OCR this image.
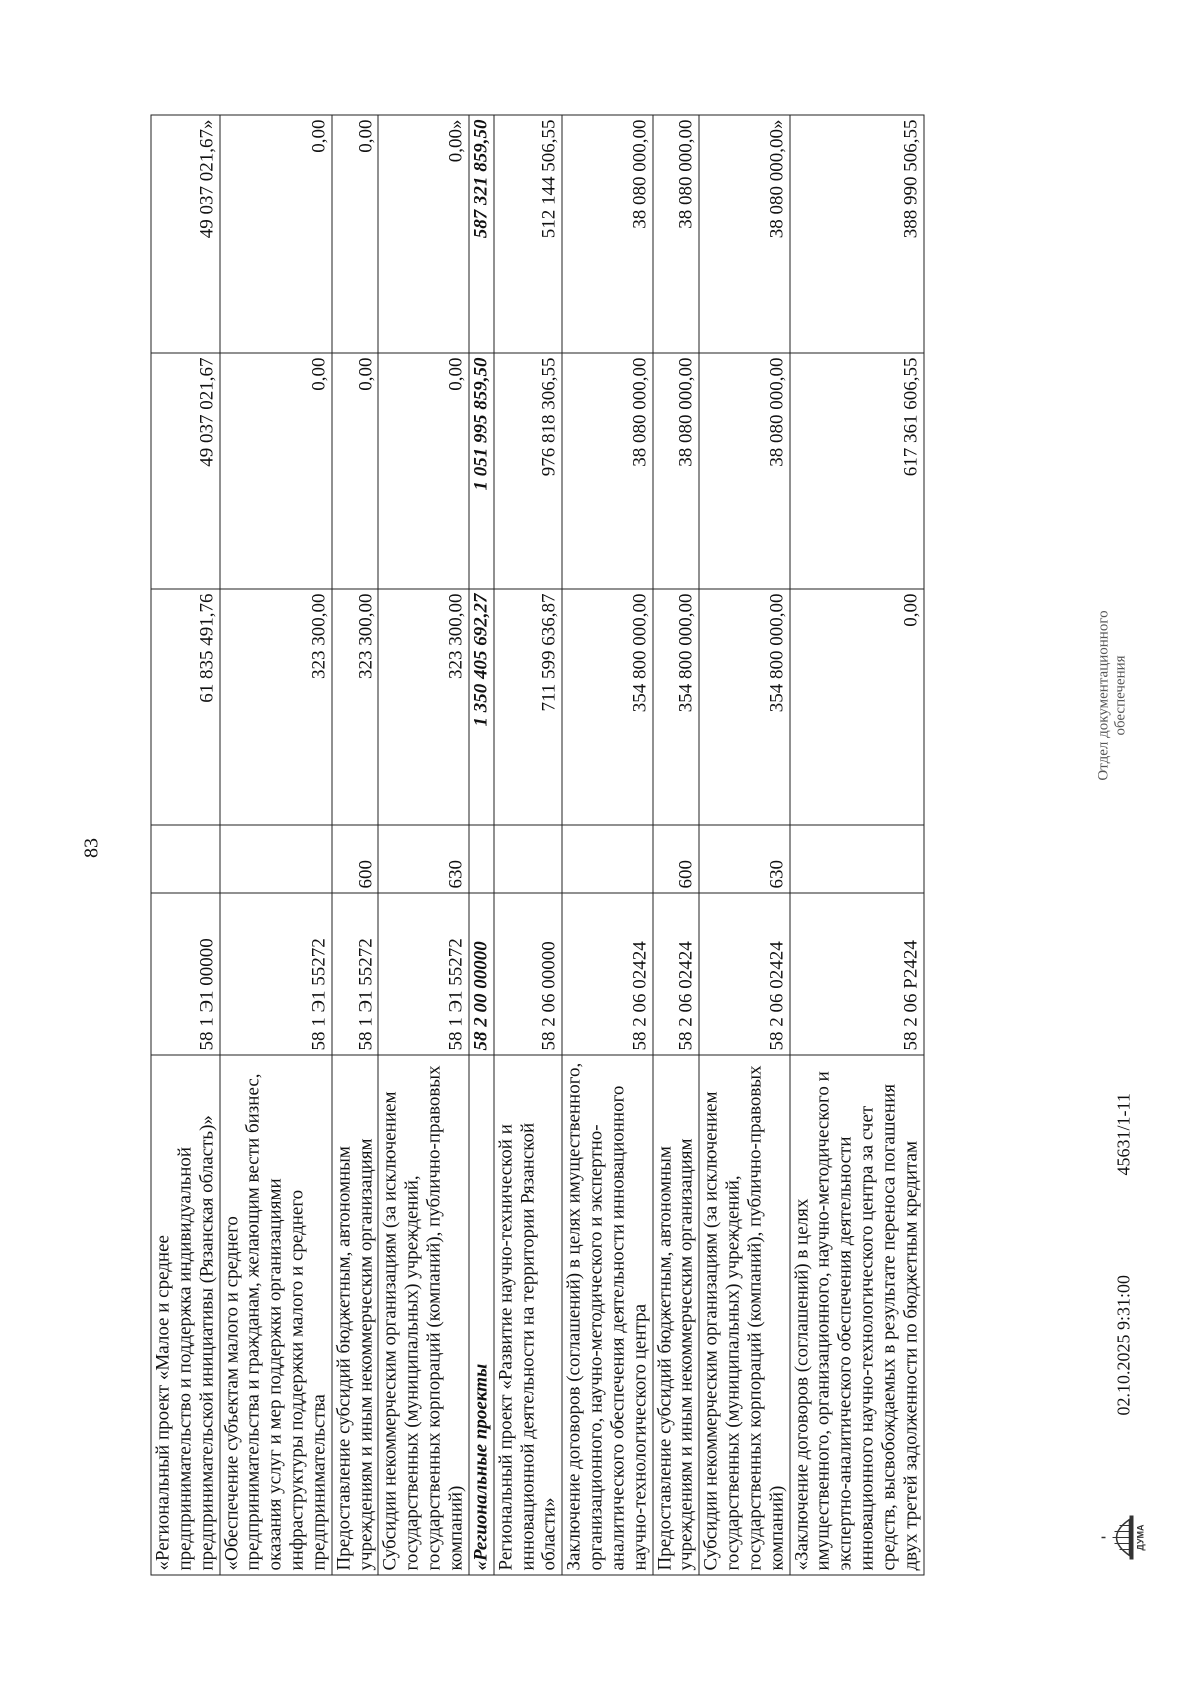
83
«Региональный проект «Малое и среднее предпринимательство и поддержка индивидуальной предпринимательской инициативы (Рязанская область)»	58 1 Э1 00000		61 835 491,76	49 037 021,67	49 037 021,67»
«Обеспечение субъектам малого и среднего предпринимательства и гражданам, желающим вести бизнес, оказания услуг и мер поддержки организациями инфраструктуры поддержки малого и среднего предпринимательства	58 1 Э1 55272		323 300,00	0,00	0,00
Предоставление субсидий бюджетным, автономным учреждениям и иным некоммерческим организациям	58 1 Э1 55272	600	323 300,00	0,00	0,00
Субсидии некоммерческим организациям (за исключением государственных (муниципальных) учреждений, государственных корпораций (компаний), публично-правовых компаний)	58 1 Э1 55272	630	323 300,00	0,00	0,00»
«Региональные проекты	58 2 00 00000		1 350 405 692,27	1 051 995 859,50	587 321 859,50
Региональный проект «Развитие научно-технической и инновационной деятельности на территории Рязанской области»	58 2 06 00000		711 599 636,87	976 818 306,55	512 144 506,55
Заключение договоров (соглашений) в целях имущественного, организационного, научно-методического и экспертно-аналитического обеспечения деятельности инновационного научно-технологического центра	58 2 06 02424		354 800 000,00	38 080 000,00	38 080 000,00
Предоставление субсидий бюджетным, автономным учреждениям и иным некоммерческим организациям	58 2 06 02424	600	354 800 000,00	38 080 000,00	38 080 000,00
Субсидии некоммерческим организациям (за исключением государственных (муниципальных) учреждений, государственных корпораций (компаний), публично-правовых компаний)	58 2 06 02424	630	354 800 000,00	38 080 000,00	38 080 000,00»
«Заключение договоров (соглашений) в целях имущественного, организационного, научно-методического и экспертно-аналитического обеспечения деятельности инновационного научно-технологического центра за счет средств, высвобождаемых в результате переноса погашения двух третей задолженности по бюджетным кредитам	58 2 06 Р2424		0,00	617 361 606,55	388 990 506,55
ДУМА
02.10.2025 9:31:00
45631/1-11
Отдел документационного обеспечения
